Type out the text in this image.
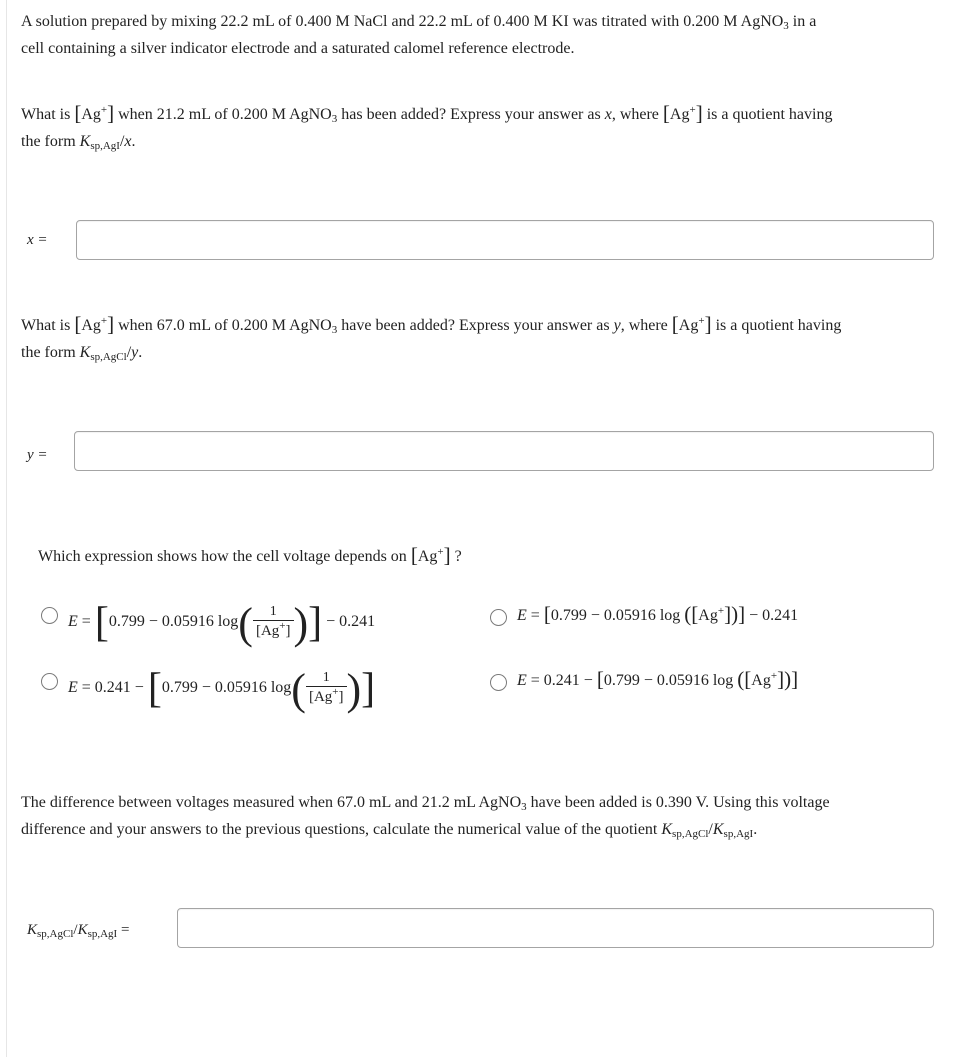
A solution prepared by mixing 22.2 mL of 0.400 M NaCl and 22.2 mL of 0.400 M KI was titrated with 0.200 M AgNO$_3$ in a
cell containing a silver indicator electrode and a saturated calomel reference electrode.
What is [Ag+] when 21.2 mL of 0.200 M AgNO$_3$ has been added? Express your answer as x, where [Ag+] is a quotient having
the form $K_{sp,AgI}/x$.
x =
What is [Ag+] when 67.0 mL of 0.200 M AgNO$_3$ have been added? Express your answer as y, where [Ag+] is a quotient having
the form $K_{sp,AgCl}/y$.
y =
Which expression shows how the cell voltage depends on [Ag+] ?
E = [0.799 − 0.05916 $\log( \frac{1}{[Ag^+]}$ )] − 0.241	E = [0.799 − 0.05916 log ([Ag+])] − 0.241
E = 0.241 − [0.799 − 0.05916 $\log( \frac{1}{[Ag^+]}$ )]	E = 0.241 − [0.799 − 0.05916 log ([Ag+])]
The difference between voltages measured when 67.0 mL and 21.2 mL AgNO$_3$ have been added is 0.390 V. Using this voltage
difference and your answers to the previous questions, calculate the numerical value of the quotient $K_{sp,AgCl}/K_{sp,AgI}$.
$K_{sp,AgCl}/K_{sp,AgI}$ =
